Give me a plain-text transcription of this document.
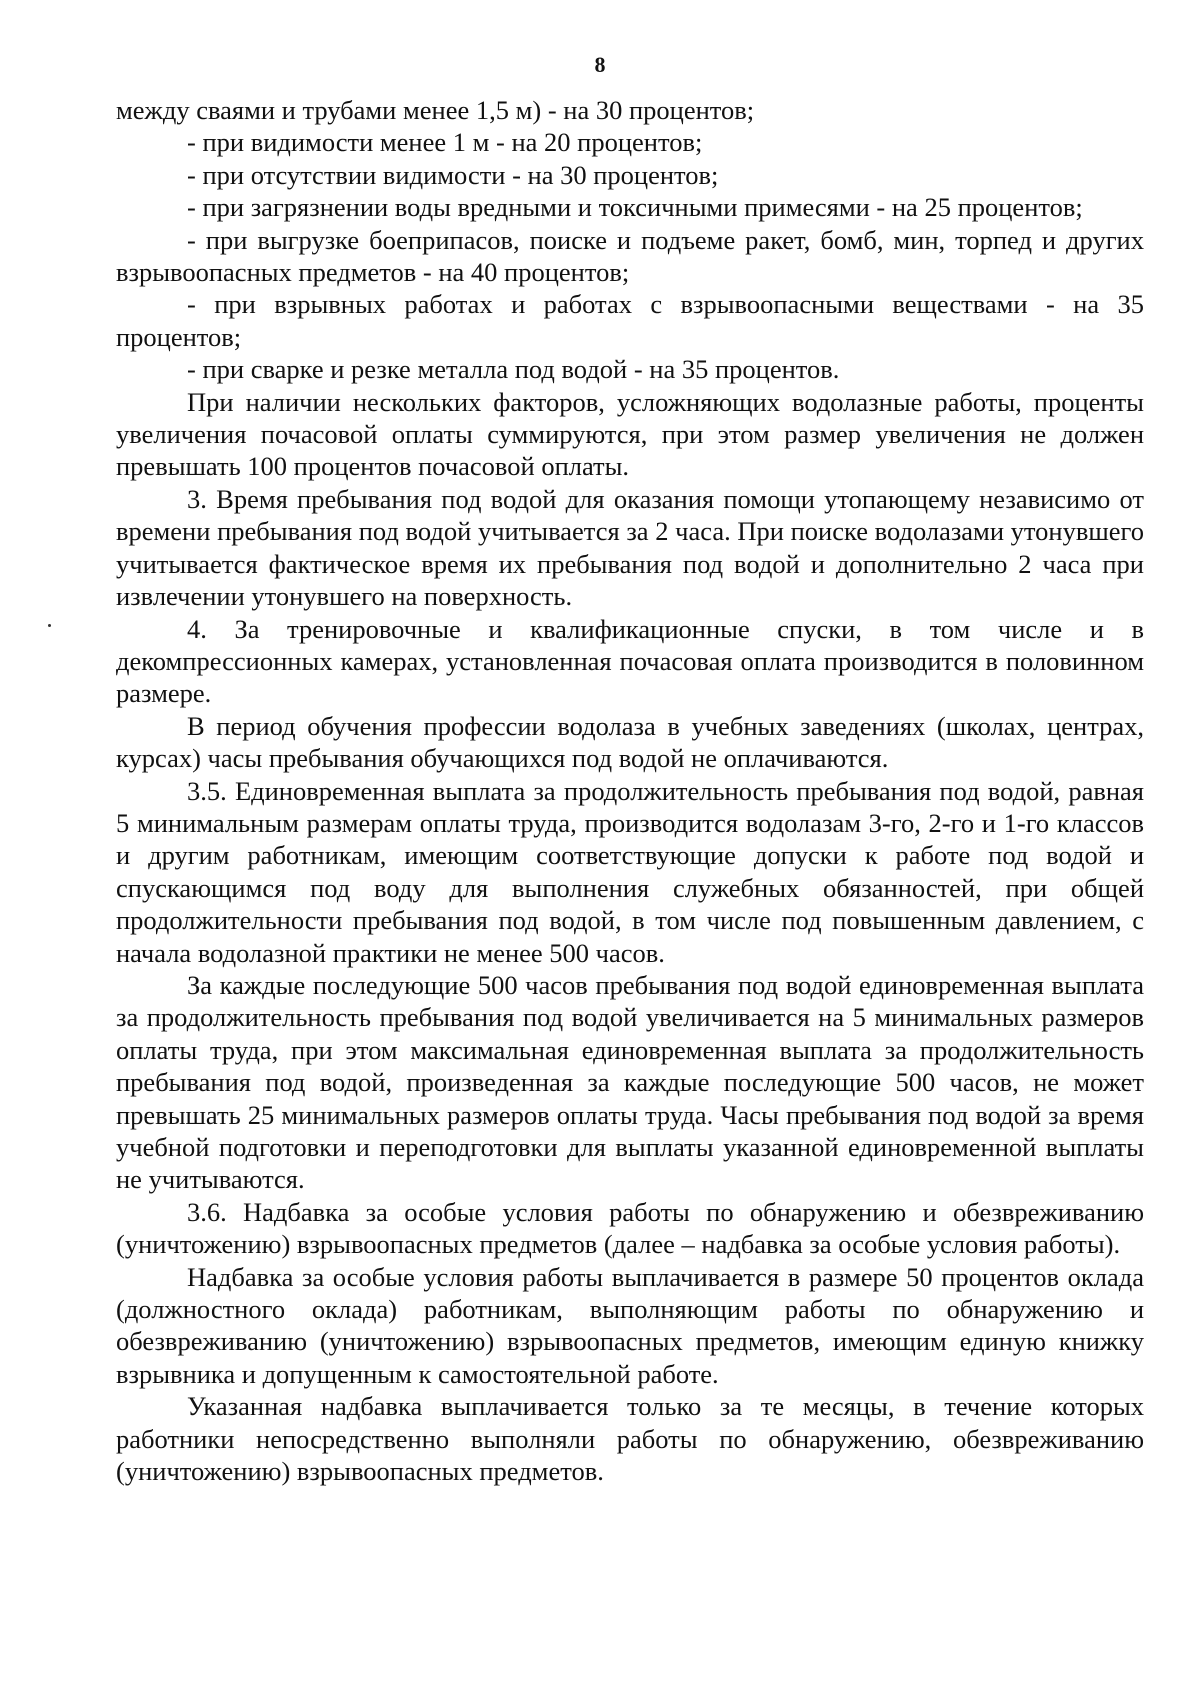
8

между сваями и трубами менее 1,5 м) - на 30 процентов;

- при видимости менее 1 м - на 20 процентов;

- при отсутствии видимости - на 30 процентов;

- при загрязнении воды вредными и токсичными примесями - на 25 процентов;

- при выгрузке боеприпасов, поиске и подъеме ракет, бомб, мин, торпед и других взрывоопасных предметов - на 40 процентов;

- при взрывных работах и работах с взрывоопасными веществами - на 35 процентов;

- при сварке и резке металла под водой - на 35 процентов.

При наличии нескольких факторов, усложняющих водолазные работы, проценты увеличения почасовой оплаты суммируются, при этом размер увеличения не должен превышать 100 процентов почасовой оплаты.

3. Время пребывания под водой для оказания помощи утопающему независимо от времени пребывания под водой учитывается за 2 часа. При поиске водолазами утонувшего учитывается фактическое время их пребывания под водой и дополнительно 2 часа при извлечении утонувшего на поверхность.

4. За тренировочные и квалификационные спуски, в том числе и в декомпрессионных камерах, установленная почасовая оплата производится в половинном размере.

В период обучения профессии водолаза в учебных заведениях (школах, центрах, курсах) часы пребывания обучающихся под водой не оплачиваются.

3.5. Единовременная выплата за продолжительность пребывания под водой, равная 5 минимальным размерам оплаты труда, производится водолазам 3-го, 2-го и 1-го классов и другим работникам, имеющим соответствующие допуски к работе под водой и спускающимся под воду для выполнения служебных обязанностей, при общей продолжительности пребывания под водой, в том числе под повышенным давлением, с начала водолазной практики не менее 500 часов.

За каждые последующие 500 часов пребывания под водой единовременная выплата за продолжительность пребывания под водой увеличивается на 5 минимальных размеров оплаты труда, при этом максимальная единовременная выплата за продолжительность пребывания под водой, произведенная за каждые последующие 500 часов, не может превышать 25 минимальных размеров оплаты труда. Часы пребывания под водой за время учебной подготовки и переподготовки для выплаты указанной единовременной выплаты не учитываются.

3.6. Надбавка за особые условия работы по обнаружению и обезвреживанию (уничтожению) взрывоопасных предметов (далее – надбавка за особые условия работы).

Надбавка за особые условия работы выплачивается в размере 50 процентов оклада (должностного оклада) работникам, выполняющим работы по обнаружению и обезвреживанию (уничтожению) взрывоопасных предметов, имеющим единую книжку взрывника и допущенным к самостоятельной работе.

Указанная надбавка выплачивается только за те месяцы, в течение которых работники непосредственно выполняли работы по обнаружению, обезвреживанию (уничтожению) взрывоопасных предметов.
